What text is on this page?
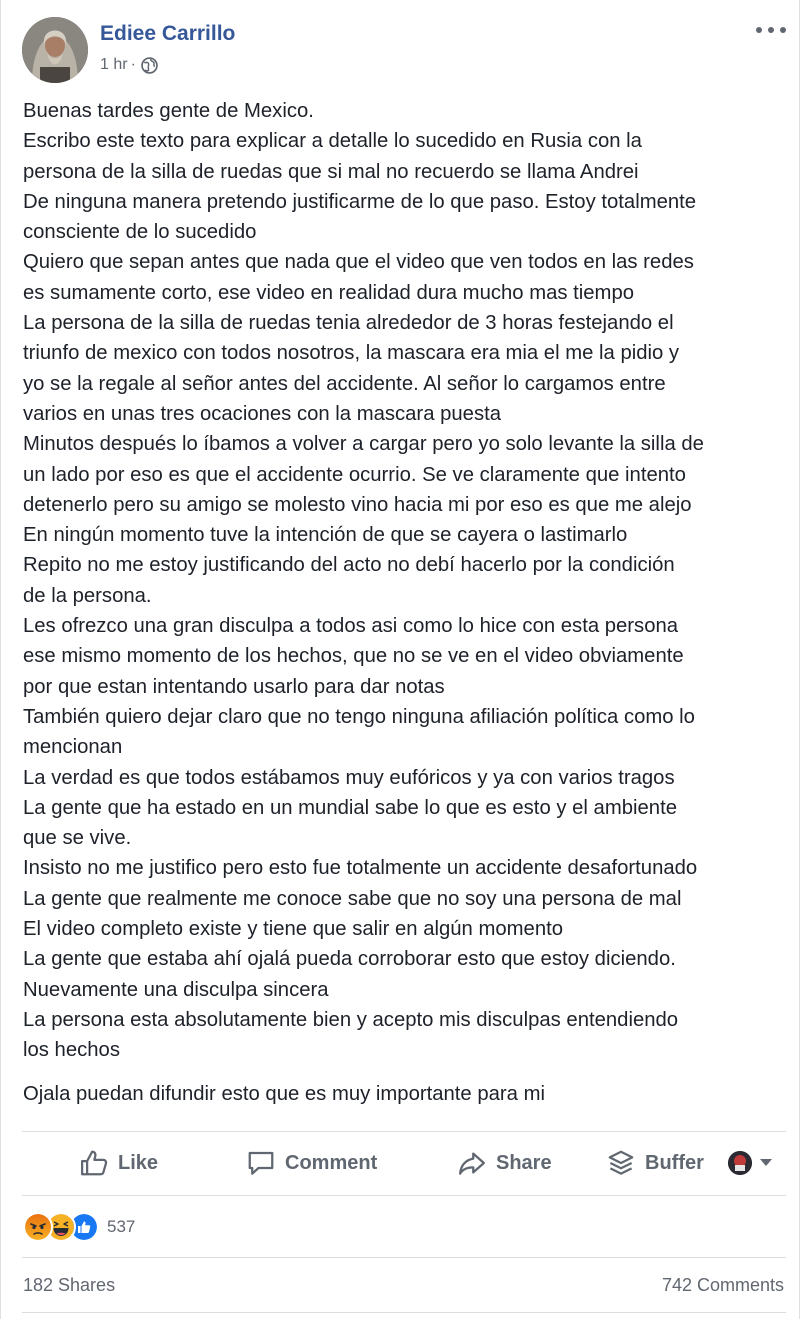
Ediee Carrillo
1 hr ·
Buenas tardes gente de Mexico.
Escribo este texto para explicar a detalle lo sucedido en Rusia con la
persona de la silla de ruedas que si mal no recuerdo se llama Andrei
De ninguna manera pretendo justificarme de lo que paso. Estoy totalmente
consciente de lo sucedido
Quiero que sepan antes que nada que el video que ven todos en las redes
es sumamente corto, ese video en realidad dura mucho mas tiempo
La persona de la silla de ruedas tenia alrededor de 3 horas festejando el
triunfo de mexico con todos nosotros, la mascara era mia el me la pidio y
yo se la regale al señor antes del accidente. Al señor lo cargamos entre
varios en unas tres ocaciones con la mascara puesta
Minutos después lo íbamos a volver a cargar pero yo solo levante la silla de
un lado por eso es que el accidente ocurrio. Se ve claramente que intento
detenerlo pero su amigo se molesto vino hacia mi por eso es que me alejo
En ningún momento tuve la intención de que se cayera o lastimarlo
Repito no me estoy justificando del acto no debí hacerlo por la condición
de la persona.
Les ofrezco una gran disculpa a todos asi como lo hice con esta persona
ese mismo momento de los hechos, que no se ve en el video obviamente
por que estan intentando usarlo para dar notas
También quiero dejar claro que no tengo ninguna afiliación política como lo
mencionan
La verdad es que todos estábamos muy eufóricos y ya con varios tragos
La gente que ha estado en un mundial sabe lo que es esto y el ambiente
que se vive.
Insisto no me justifico pero esto fue totalmente un accidente desafortunado
La gente que realmente me conoce sabe que no soy una persona de mal
El video completo existe y tiene que salir en algún momento
La gente que estaba ahí ojalá pueda corroborar esto que estoy diciendo.
Nuevamente una disculpa sincera
La persona esta absolutamente bien y acepto mis disculpas entendiendo
los hechos
Ojala puedan difundir esto que es muy importante para mi
Like	Comment	Share	Buffer
537
182 Shares	742 Comments
